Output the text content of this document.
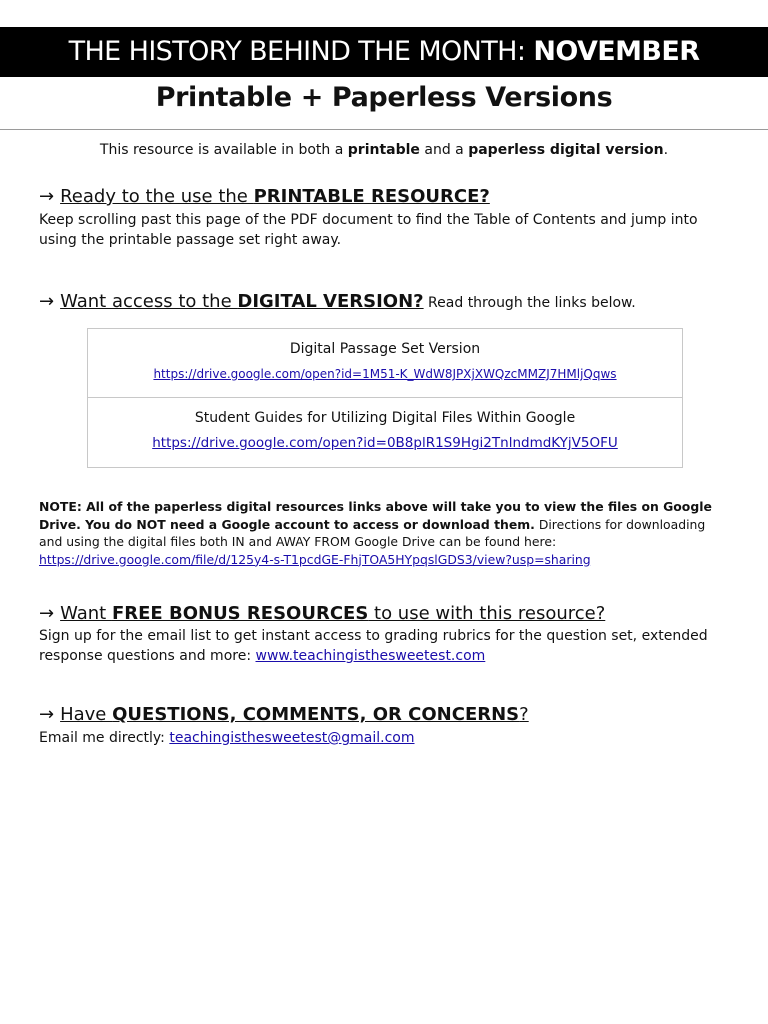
THE HISTORY BEHIND THE MONTH: NOVEMBER
Printable + Paperless Versions
This resource is available in both a printable and a paperless digital version.
→ Ready to the use the PRINTABLE RESOURCE?
Keep scrolling past this page of the PDF document to find the Table of Contents and jump into using the printable passage set right away.
→ Want access to the DIGITAL VERSION? Read through the links below.
Digital Passage Set Version
https://drive.google.com/open?id=1M51-K_WdW8JPXjXWQzcMMZJ7HMljQqws
Student Guides for Utilizing Digital Files Within Google
https://drive.google.com/open?id=0B8plR1S9Hgi2TnlndmdKYjV5OFU
NOTE: All of the paperless digital resources links above will take you to view the files on Google Drive. You do NOT need a Google account to access or download them. Directions for downloading and using the digital files both IN and AWAY FROM Google Drive can be found here: https://drive.google.com/file/d/125y4-s-T1pcdGE-FhjTOA5HYpqslGDS3/view?usp=sharing
→ Want FREE BONUS RESOURCES to use with this resource?
Sign up for the email list to get instant access to grading rubrics for the question set, extended response questions and more: www.teachingisthesweetest.com
→ Have QUESTIONS, COMMENTS, OR CONCERNS?
Email me directly: teachingisthesweetest@gmail.com
